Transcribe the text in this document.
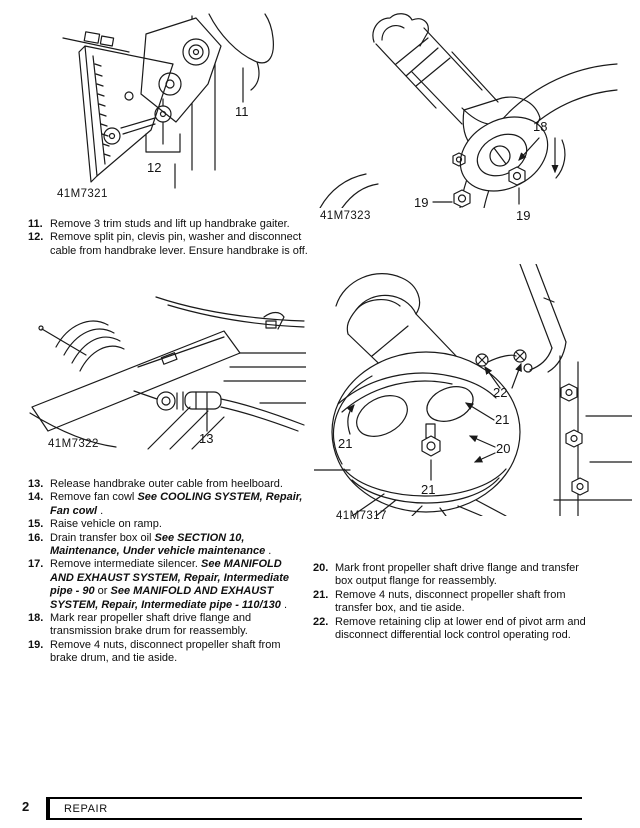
11
12
41M7321
18
19
19
41M7323
11. Remove 3 trim studs and lift up handbrake gaiter.
12. Remove split pin, clevis pin, washer and disconnect cable from handbrake lever. Ensure handbrake is off.
13
41M7322
13. Release handbrake outer cable from heelboard.
14. Remove fan cowl See COOLING SYSTEM, Repair, Fan cowl .
15. Raise vehicle on ramp.
16. Drain transfer box oil See SECTION 10, Maintenance, Under vehicle maintenance .
17. Remove intermediate silencer. See MANIFOLD AND EXHAUST SYSTEM, Repair, Intermediate pipe - 90 or See MANIFOLD AND EXHAUST SYSTEM, Repair, Intermediate pipe - 110/130 .
18. Mark rear propeller shaft drive flange and transmission brake drum for reassembly.
19. Remove 4 nuts, disconnect propeller shaft from brake drum, and tie aside.
22
21
20
21
21
41M7317
20. Mark front propeller shaft drive flange and transfer box output flange for reassembly.
21. Remove 4 nuts, disconnect propeller shaft from transfer box, and tie aside.
22. Remove retaining clip at lower end of pivot arm and disconnect differential lock control operating rod.
2	REPAIR
